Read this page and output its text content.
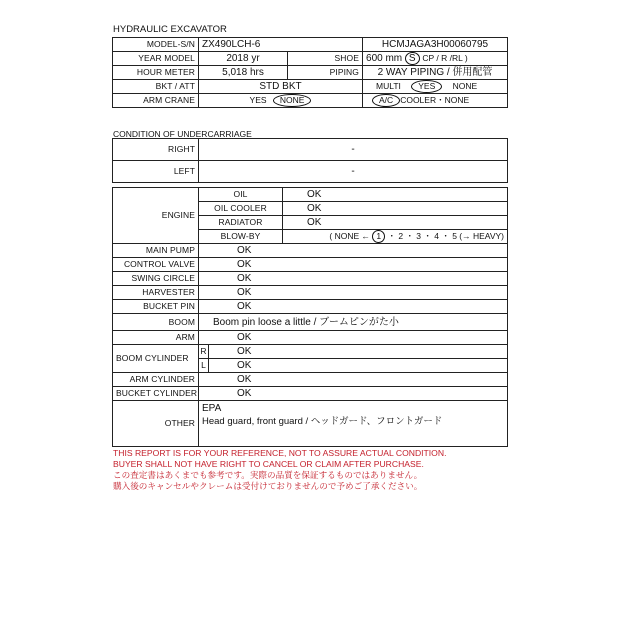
HYDRAULIC EXCAVATOR
MODEL-S/N	ZX490LCH-6		HCMJAGA3H00060795
YEAR MODEL	2018 yr	SHOE	600 mm S CP / R /RL )
HOUR METER	5,018 hrs	PIPING	2 WAY PIPING / 併用配管
BKT / ATT	STD BKT		MULTI YES NONE
ARM CRANE	YES NONE		A/C COOLER・NONE
CONDITION OF UNDERCARRIAGE
RIGHT	-
LEFT	-
ENGINE	OIL		OK
	OIL COOLER		OK
	RADIATOR		OK
	BLOW-BY		( NONE ← 1 ・ 2 ・ 3 ・ 4 ・ 5 (→ HEAVY)
MAIN PUMP	OK		
CONTROL VALVE	OK		
SWING CIRCLE	OK		
HARVESTER	OK		
BUCKET PIN	OK		
BOOM	Boom pin loose a little / ブームピンがた小		
ARM	OK		
BOOM CYLINDER	R	OK	
	L	OK	
ARM CYLINDER	OK		
BUCKET CYLINDER	OK		
OTHER	EPA
Head guard, front guard / ヘッドガード、フロントガード		
THIS REPORT IS FOR YOUR REFERENCE, NOT TO ASSURE ACTUAL CONDITION.
BUYER SHALL NOT HAVE RIGHT TO CANCEL OR CLAIM AFTER PURCHASE.
この査定書はあくまでも参考です。実際の品質を保証するものではありません。
購入後のキャンセルやクレームは受付けておりませんので予めご了承ください。
